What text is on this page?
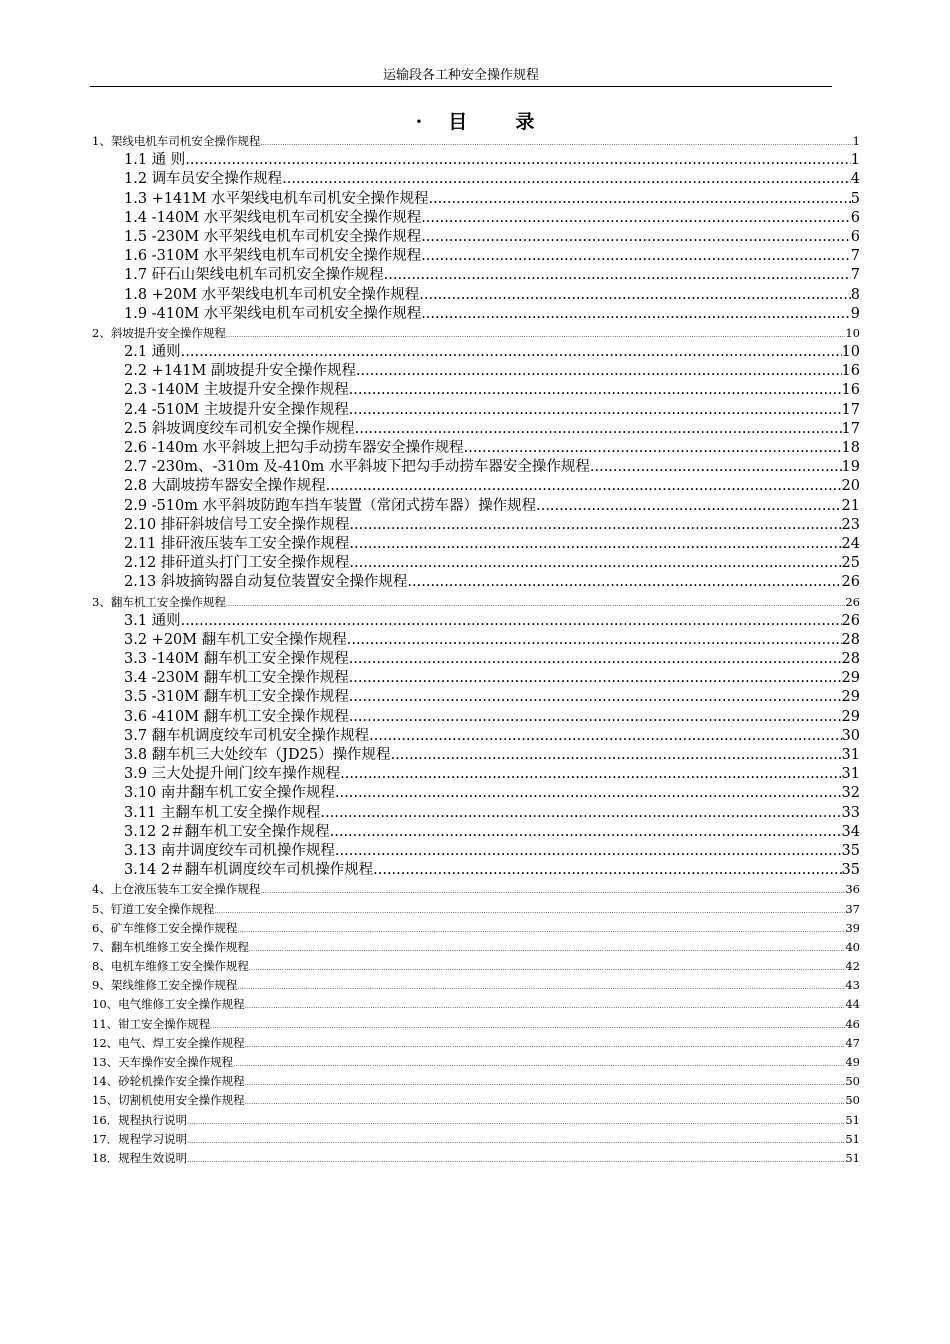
运输段各工种安全操作规程
· 目	录
1、架线电机车司机安全操作规程 .....	1
1.1 通 则 .....	1
1.2 调车员安全操作规程 .....	4
1.3 +141M 水平架线电机车司机安全操作规程 .....	5
1.4 -140M 水平架线电机车司机安全操作规程 .....	6
1.5 -230M 水平架线电机车司机安全操作规程 .....	6
1.6 -310M 水平架线电机车司机安全操作规程 .....	7
1.7 矸石山架线电机车司机安全操作规程 .....	7
1.8 +20M 水平架线电机车司机安全操作规程 .....	8
1.9 -410M 水平架线电机车司机安全操作规程 .....	9
2、斜坡提升安全操作规程 .....	10
2.1 通则 .....	10
2.2 +141M 副坡提升安全操作规程 .....	16
2.3 -140M 主坡提升安全操作规程 .....	16
2.4 -510M 主坡提升安全操作规程 .....	17
2.5 斜坡调度绞车司机安全操作规程 .....	17
2.6 -140m 水平斜坡上把勾手动捞车器安全操作规程 .....	18
2.7 -230m、-310m 及-410m 水平斜坡下把勾手动捞车器安全操作规程 .....	19
2.8 大副坡捞车器安全操作规程 .....	20
2.9 -510m 水平斜坡防跑车挡车装置（常闭式捞车器）操作规程 .....	21
2.10 排矸斜坡信号工安全操作规程 .....	23
2.11 排矸液压装车工安全操作规程 .....	24
2.12 排矸道头打门工安全操作规程 .....	25
2.13 斜坡摘钩器自动复位装置安全操作规程 .....	26
3、翻车机工安全操作规程 .....	26
3.1 通则 .....	26
3.2 +20M 翻车机工安全操作规程 .....	28
3.3 -140M 翻车机工安全操作规程 .....	28
3.4 -230M 翻车机工安全操作规程 .....	29
3.5 -310M 翻车机工安全操作规程 .....	29
3.6 -410M 翻车机工安全操作规程 .....	29
3.7 翻车机调度绞车司机安全操作规程 .....	30
3.8 翻车机三大处绞车（JD25）操作规程 .....	31
3.9 三大处提升闸门绞车操作规程 .....	31
3.10 南井翻车机工安全操作规程 .....	32
3.11 主翻车机工安全操作规程 .....	33
3.12 2＃翻车机工安全操作规程 .....	34
3.13 南井调度绞车司机操作规程 .....	35
3.14 2＃翻车机调度绞车司机操作规程 .....	35
4、上仓液压装车工安全操作规程 .....	36
5、钉道工安全操作规程 .....	37
6、矿车维修工安全操作规程 .....	39
7、翻车机维修工安全操作规程 .....	40
8、电机车维修工安全操作规程 .....	42
9、架线维修工安全操作规程 .....	43
10、电气维修工安全操作规程 .....	44
11、钳工安全操作规程 .....	46
12、电气、焊工安全操作规程 .....	47
13、天车操作安全操作规程 .....	49
14、砂轮机操作安全操作规程 .....	50
15、切割机使用安全操作规程 .....	50
16．规程执行说明 .....	51
17．规程学习说明 .....	51
18．规程生效说明 .....	51
